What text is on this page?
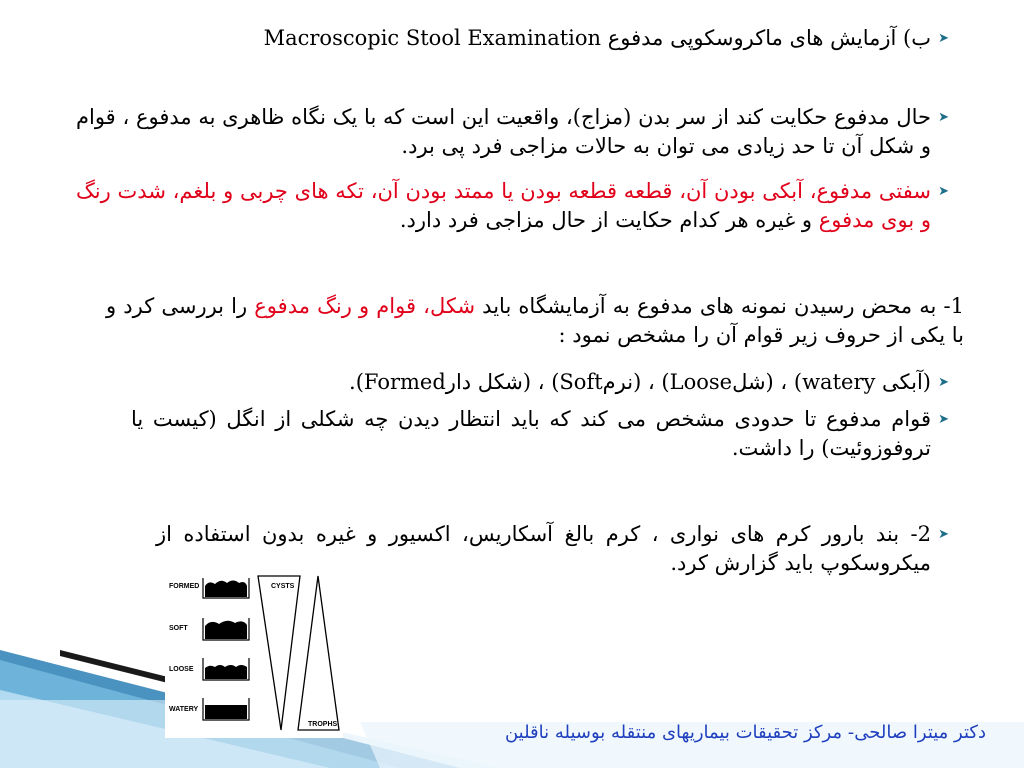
➤
ب) آزمایش های ماکروسکوپی مدفوع Macroscopic Stool Examination
➤
حال مدفوع حکایت کند از سر بدن (مزاج)، واقعیت این است که با یک نگاه ظاهری به مدفوع ، قوام و شکل آن تا حد زیادی می توان به حالات مزاجی فرد پی برد.
➤
سفتی مدفوع، آبکی بودن آن، قطعه قطعه بودن یا ممتد بودن آن، تکه های چربی و بلغم، شدت رنگ و بوی مدفوع و غیره هر کدام حکایت از حال مزاجی فرد دارد.
1- به محض رسیدن نمونه های مدفوع به آزمایشگاه باید شکل، قوام و رنگ مدفوع را بررسی کرد و با یکی از حروف زیر قوام آن را مشخص نمود :
➤
(آبکی watery) ، (شلLoose) ، (نرمSoft) ، (شکل دارFormed).
➤
قوام مدفوع تا حدودی مشخص می کند که باید انتظار دیدن چه شکلی از انگل (کیست یا تروفوزوئیت) را داشت.
➤
2- بند بارور کرم های نواری ، کرم بالغ آسکاریس، اکسیور و غیره بدون استفاده از میکروسکوپ باید گزارش کرد.
FORMED
SOFT
LOOSE
WATERY
CYSTS
TROPHS	دکتر میترا صالحی- مرکز تحقیقات بیماریهای منتقله بوسیله ناقلین
